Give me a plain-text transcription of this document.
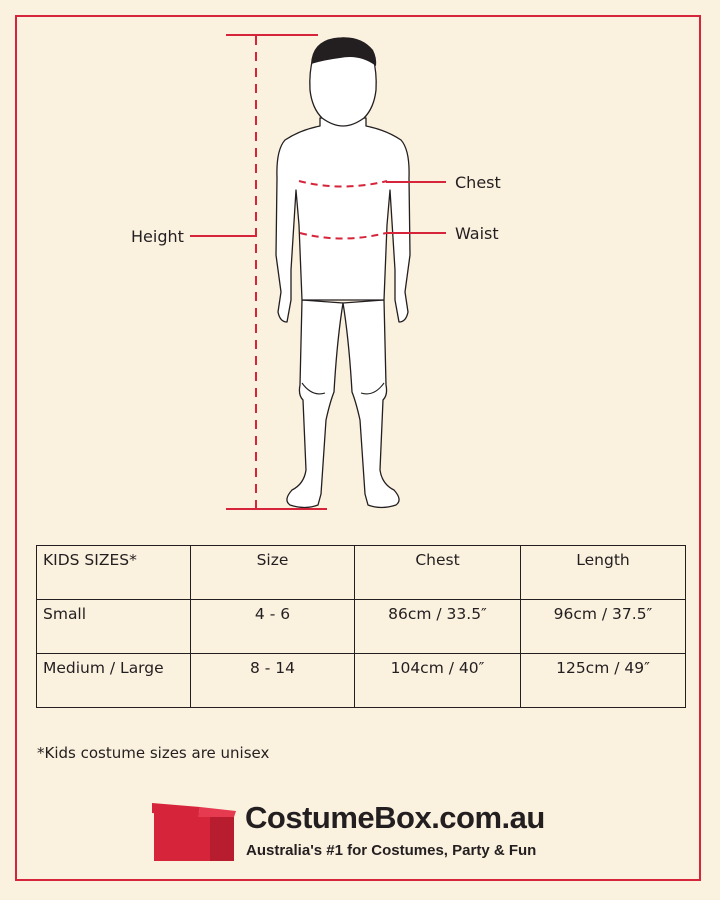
Height
Chest
Waist
KIDS SIZES*	Size	Chest	Length
Small	4 - 6	86cm / 33.5″	96cm / 37.5″
Medium / Large	8 - 14	104cm / 40″	125cm / 49″
*Kids costume sizes are unisex
CostumeBox.com.au
Australia's #1 for Costumes, Party & Fun
